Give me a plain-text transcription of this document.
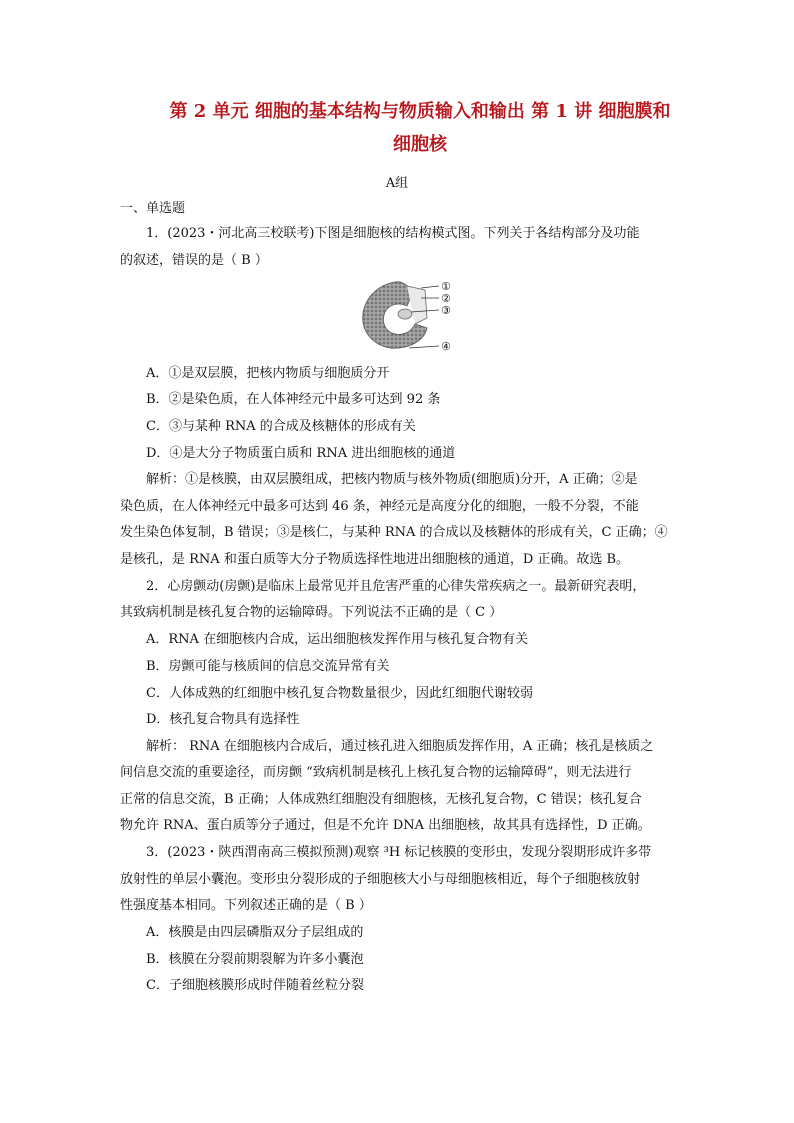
第 2 单元 细胞的基本结构与物质输入和输出 第 1 讲 细胞膜和
细胞核
A组
一、单选题
1．(2023・河北高三校联考)下图是细胞核的结构模式图。下列关于各结构部分及功能
的叙述，错误的是（ B ）
①
②
③
④
A．①是双层膜，把核内物质与细胞质分开
B．②是染色质，在人体神经元中最多可达到 92 条
C．③与某种 RNA 的合成及核糖体的形成有关
D．④是大分子物质蛋白质和 RNA 进出细胞核的通道
解析：①是核膜，由双层膜组成，把核内物质与核外物质(细胞质)分开，A 正确；②是
染色质，在人体神经元中最多可达到 46 条，神经元是高度分化的细胞，一般不分裂，不能
发生染色体复制，B 错误；③是核仁，与某种 RNA 的合成以及核糖体的形成有关，C 正确；④
是核孔，是 RNA 和蛋白质等大分子物质选择性地进出细胞核的通道，D 正确。故选 B。
2．心房颤动(房颤)是临床上最常见并且危害严重的心律失常疾病之一。最新研究表明，
其致病机制是核孔复合物的运输障碍。下列说法不正确的是（ C ）
A．RNA 在细胞核内合成，运出细胞核发挥作用与核孔复合物有关
B．房颤可能与核质间的信息交流异常有关
C．人体成熟的红细胞中核孔复合物数量很少，因此红细胞代谢较弱
D．核孔复合物具有选择性
解析： RNA 在细胞核内合成后，通过核孔进入细胞质发挥作用，A 正确；核孔是核质之
间信息交流的重要途径，而房颤 “致病机制是核孔上核孔复合物的运输障碍”，则无法进行
正常的信息交流，B 正确；人体成熟红细胞没有细胞核，无核孔复合物，C 错误；核孔复合
物允许 RNA、蛋白质等分子通过，但是不允许 DNA 出细胞核，故其具有选择性，D 正确。
3．(2023・陕西渭南高三模拟预测)观察 ³H 标记核膜的变形虫，发现分裂期形成许多带
放射性的单层小囊泡。变形虫分裂形成的子细胞核大小与母细胞核相近，每个子细胞核放射
性强度基本相同。下列叙述正确的是（ B ）
A．核膜是由四层磷脂双分子层组成的
B．核膜在分裂前期裂解为许多小囊泡
C．子细胞核膜形成时伴随着丝粒分裂
